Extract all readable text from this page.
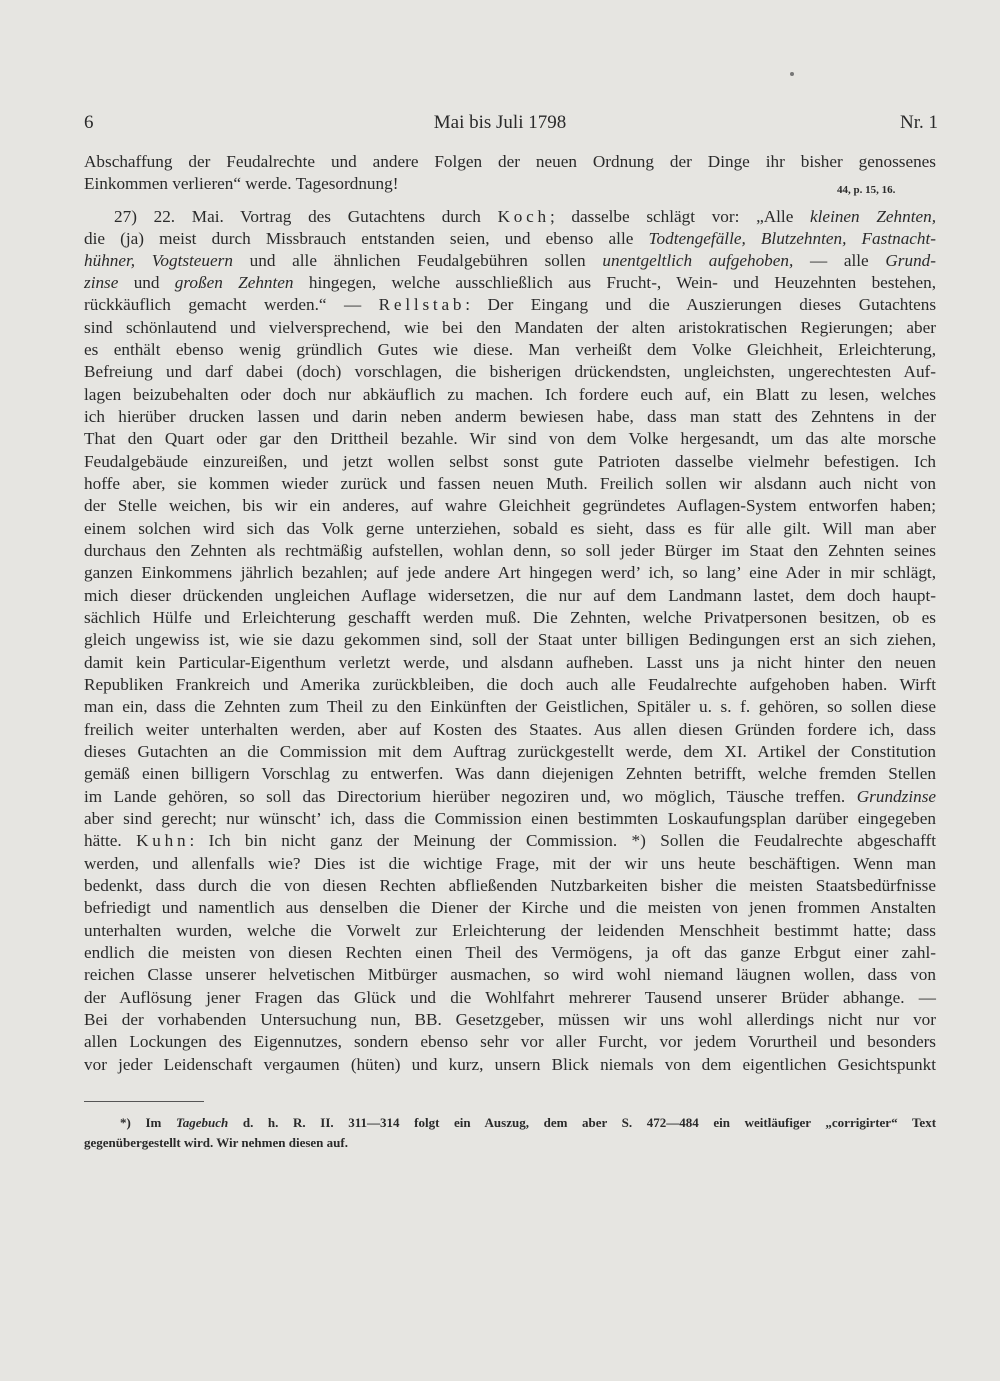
6	Mai bis Juli 1798	Nr. 1
Abschaffung der Feudalrechte und andere Folgen der neuen Ordnung der Dinge ihr bisher genossenes
Einkommen verlieren“ werde. Tagesordnung!	44, p. 15, 16.
27) 22. Mai. Vortrag des Gutachtens durch Koch; dasselbe schlägt vor: „Alle kleinen Zehnten,
die (ja) meist durch Missbrauch entstanden seien, und ebenso alle Todtengefälle, Blutzehnten, Fastnacht-
hühner, Vogtsteuern und alle ähnlichen Feudalgebühren sollen unentgeltlich aufgehoben, — alle Grund-
zinse und großen Zehnten hingegen, welche ausschließlich aus Frucht-, Wein- und Heuzehnten bestehen,
rückkäuflich gemacht werden.“ — Rellstab: Der Eingang und die Auszierungen dieses Gutachtens
sind schönlautend und vielversprechend, wie bei den Mandaten der alten aristokratischen Regierungen; aber
es enthält ebenso wenig gründlich Gutes wie diese. Man verheißt dem Volke Gleichheit, Erleichterung,
Befreiung und darf dabei (doch) vorschlagen, die bisherigen drückendsten, ungleichsten, ungerechtesten Auf-
lagen beizubehalten oder doch nur abkäuflich zu machen. Ich fordere euch auf, ein Blatt zu lesen, welches
ich hierüber drucken lassen und darin neben anderm bewiesen habe, dass man statt des Zehntens in der
That den Quart oder gar den Drittheil bezahle. Wir sind von dem Volke hergesandt, um das alte morsche
Feudalgebäude einzureißen, und jetzt wollen selbst sonst gute Patrioten dasselbe vielmehr befestigen. Ich
hoffe aber, sie kommen wieder zurück und fassen neuen Muth. Freilich sollen wir alsdann auch nicht von
der Stelle weichen, bis wir ein anderes, auf wahre Gleichheit gegründetes Auflagen-System entworfen haben;
einem solchen wird sich das Volk gerne unterziehen, sobald es sieht, dass es für alle gilt. Will man aber
durchaus den Zehnten als rechtmäßig aufstellen, wohlan denn, so soll jeder Bürger im Staat den Zehnten seines
ganzen Einkommens jährlich bezahlen; auf jede andere Art hingegen werd’ ich, so lang’ eine Ader in mir schlägt,
mich dieser drückenden ungleichen Auflage widersetzen, die nur auf dem Landmann lastet, dem doch haupt-
sächlich Hülfe und Erleichterung geschafft werden muß. Die Zehnten, welche Privatpersonen besitzen, ob es
gleich ungewiss ist, wie sie dazu gekommen sind, soll der Staat unter billigen Bedingungen erst an sich ziehen,
damit kein Particular-Eigenthum verletzt werde, und alsdann aufheben. Lasst uns ja nicht hinter den neuen
Republiken Frankreich und Amerika zurückbleiben, die doch auch alle Feudalrechte aufgehoben haben. Wirft
man ein, dass die Zehnten zum Theil zu den Einkünften der Geistlichen, Spitäler u. s. f. gehören, so sollen diese
freilich weiter unterhalten werden, aber auf Kosten des Staates. Aus allen diesen Gründen fordere ich, dass
dieses Gutachten an die Commission mit dem Auftrag zurückgestellt werde, dem XI. Artikel der Constitution
gemäß einen billigern Vorschlag zu entwerfen. Was dann diejenigen Zehnten betrifft, welche fremden Stellen
im Lande gehören, so soll das Directorium hierüber negoziren und, wo möglich, Täusche treffen. Grundzinse
aber sind gerecht; nur wünscht’ ich, dass die Commission einen bestimmten Loskaufungsplan darüber eingegeben
hätte. Kuhn: Ich bin nicht ganz der Meinung der Commission. *) Sollen die Feudalrechte abgeschafft
werden, und allenfalls wie? Dies ist die wichtige Frage, mit der wir uns heute beschäftigen. Wenn man
bedenkt, dass durch die von diesen Rechten abfließenden Nutzbarkeiten bisher die meisten Staatsbedürfnisse
befriedigt und namentlich aus denselben die Diener der Kirche und die meisten von jenen frommen Anstalten
unterhalten wurden, welche die Vorwelt zur Erleichterung der leidenden Menschheit bestimmt hatte; dass
endlich die meisten von diesen Rechten einen Theil des Vermögens, ja oft das ganze Erbgut einer zahl-
reichen Classe unserer helvetischen Mitbürger ausmachen, so wird wohl niemand läugnen wollen, dass von
der Auflösung jener Fragen das Glück und die Wohlfahrt mehrerer Tausend unserer Brüder abhange. —
Bei der vorhabenden Untersuchung nun, BB. Gesetzgeber, müssen wir uns wohl allerdings nicht nur vor
allen Lockungen des Eigennutzes, sondern ebenso sehr vor aller Furcht, vor jedem Vorurtheil und besonders
vor jeder Leidenschaft vergaumen (hüten) und kurz, unsern Blick niemals von dem eigentlichen Gesichtspunkt
*) Im Tagebuch d. h. R. II. 311—314 folgt ein Auszug, dem aber S. 472—484 ein weitläufiger „corrigirter“ Text
gegenübergestellt wird. Wir nehmen diesen auf.
